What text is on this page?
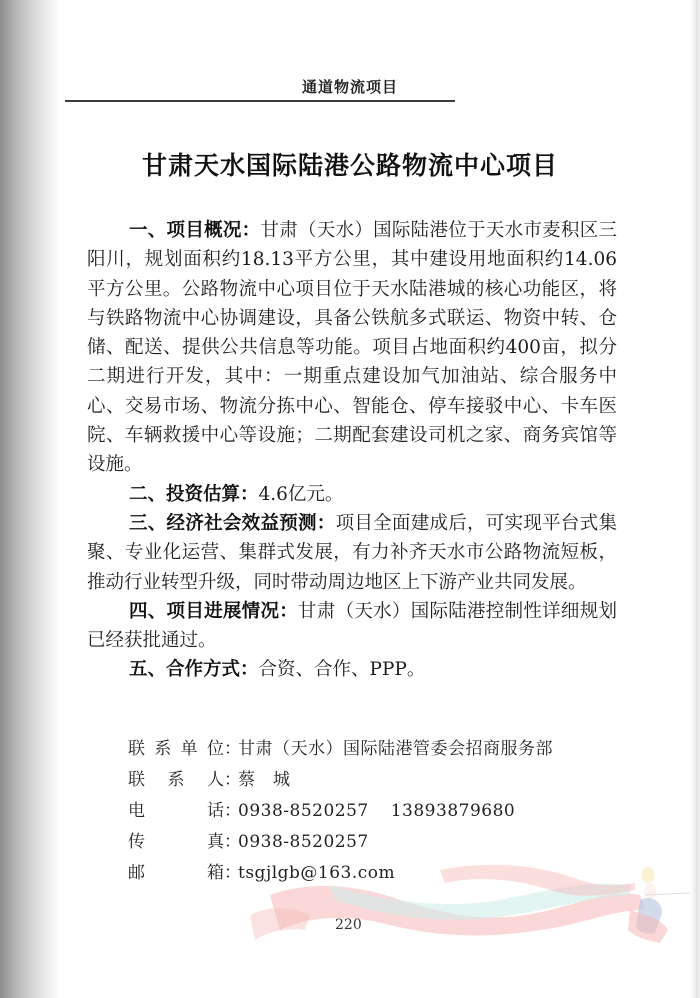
通道物流项目
甘肃天水国际陆港公路物流中心项目

一、项目概况：甘肃（天水）国际陆港位于天水市麦积区三阳川，规划面积约18.13平方公里，其中建设用地面积约14.06平方公里。公路物流中心项目位于天水陆港城的核心功能区，将与铁路物流中心协调建设，具备公铁航多式联运、物资中转、仓储、配送、提供公共信息等功能。项目占地面积约400亩，拟分二期进行开发，其中：一期重点建设加气加油站、综合服务中心、交易市场、物流分拣中心、智能仓、停车接驳中心、卡车医院、车辆救援中心等设施；二期配套建设司机之家、商务宾馆等设施。

二、投资估算：4.6亿元。

三、经济社会效益预测：项目全面建成后，可实现平台式集聚、专业化运营、集群式发展，有力补齐天水市公路物流短板，推动行业转型升级，同时带动周边地区上下游产业共同发展。

四、项目进展情况：甘肃（天水）国际陆港控制性详细规划已经获批通过。

五、合作方式：合资、合作、PPP。

联 系 单 位 ：
甘肃（天水）国际陆港管委会招商服务部
联 系 人 ：
蔡　城
电	话 ：
0938-8520257 13893879680
传	真 ：
0938-8520257
邮	箱 ：
tsgjlgb@163.com
220
